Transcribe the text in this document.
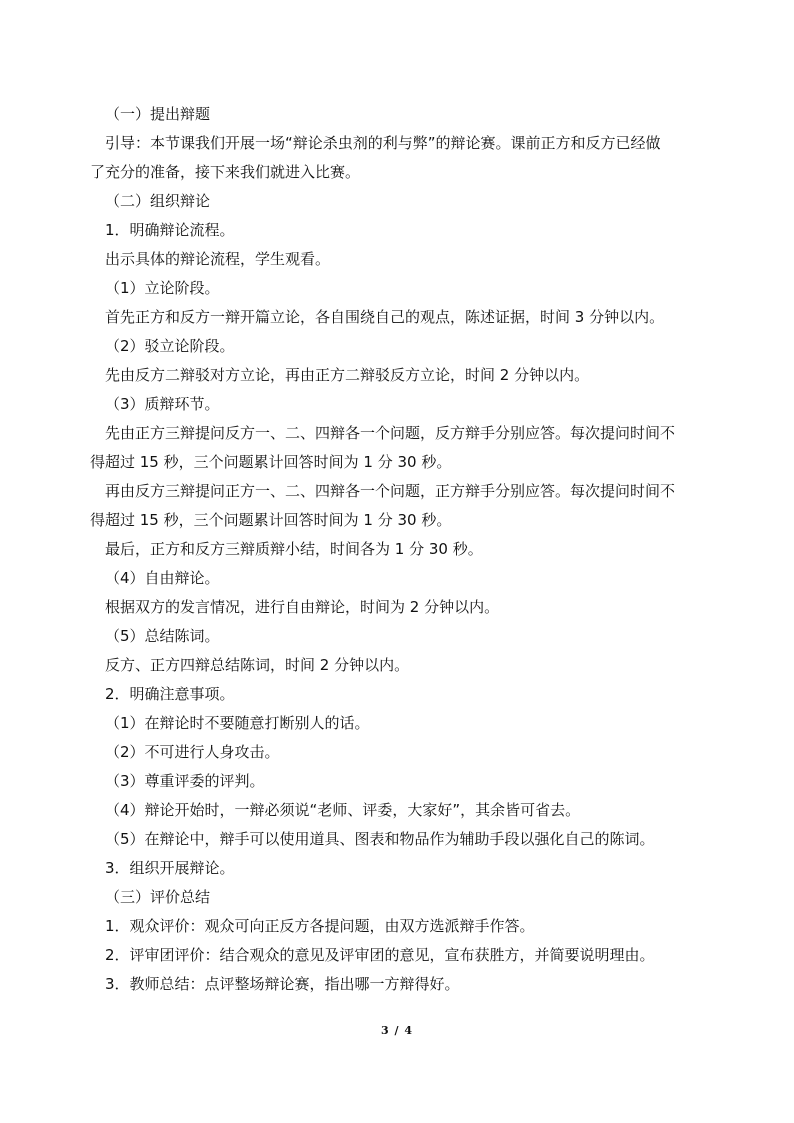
（一）提出辩题

引导：本节课我们开展一场“辩论杀虫剂的利与弊”的辩论赛。课前正方和反方已经做

了充分的准备，接下来我们就进入比赛。

（二）组织辩论

1．明确辩论流程。

出示具体的辩论流程，学生观看。

（1）立论阶段。

首先正方和反方一辩开篇立论，各自围绕自己的观点，陈述证据，时间 3 分钟以内。

（2）驳立论阶段。

先由反方二辩驳对方立论，再由正方二辩驳反方立论，时间 2 分钟以内。

（3）质辩环节。

先由正方三辩提问反方一、二、四辩各一个问题，反方辩手分别应答。每次提问时间不

得超过 15 秒，三个问题累计回答时间为 1 分 30 秒。

再由反方三辩提问正方一、二、四辩各一个问题，正方辩手分别应答。每次提问时间不

得超过 15 秒，三个问题累计回答时间为 1 分 30 秒。

最后，正方和反方三辩质辩小结，时间各为 1 分 30 秒。

（4）自由辩论。

根据双方的发言情况，进行自由辩论，时间为 2 分钟以内。

（5）总结陈词。

反方、正方四辩总结陈词，时间 2 分钟以内。

2．明确注意事项。

（1）在辩论时不要随意打断别人的话。

（2）不可进行人身攻击。

（3）尊重评委的评判。

（4）辩论开始时，一辩必须说“老师、评委，大家好”，其余皆可省去。

（5）在辩论中，辩手可以使用道具、图表和物品作为辅助手段以强化自己的陈词。

3．组织开展辩论。

（三）评价总结

1．观众评价：观众可向正反方各提问题，由双方选派辩手作答。

2．评审团评价：结合观众的意见及评审团的意见，宣布获胜方，并简要说明理由。

3．教师总结：点评整场辩论赛，指出哪一方辩得好。

3 / 4
